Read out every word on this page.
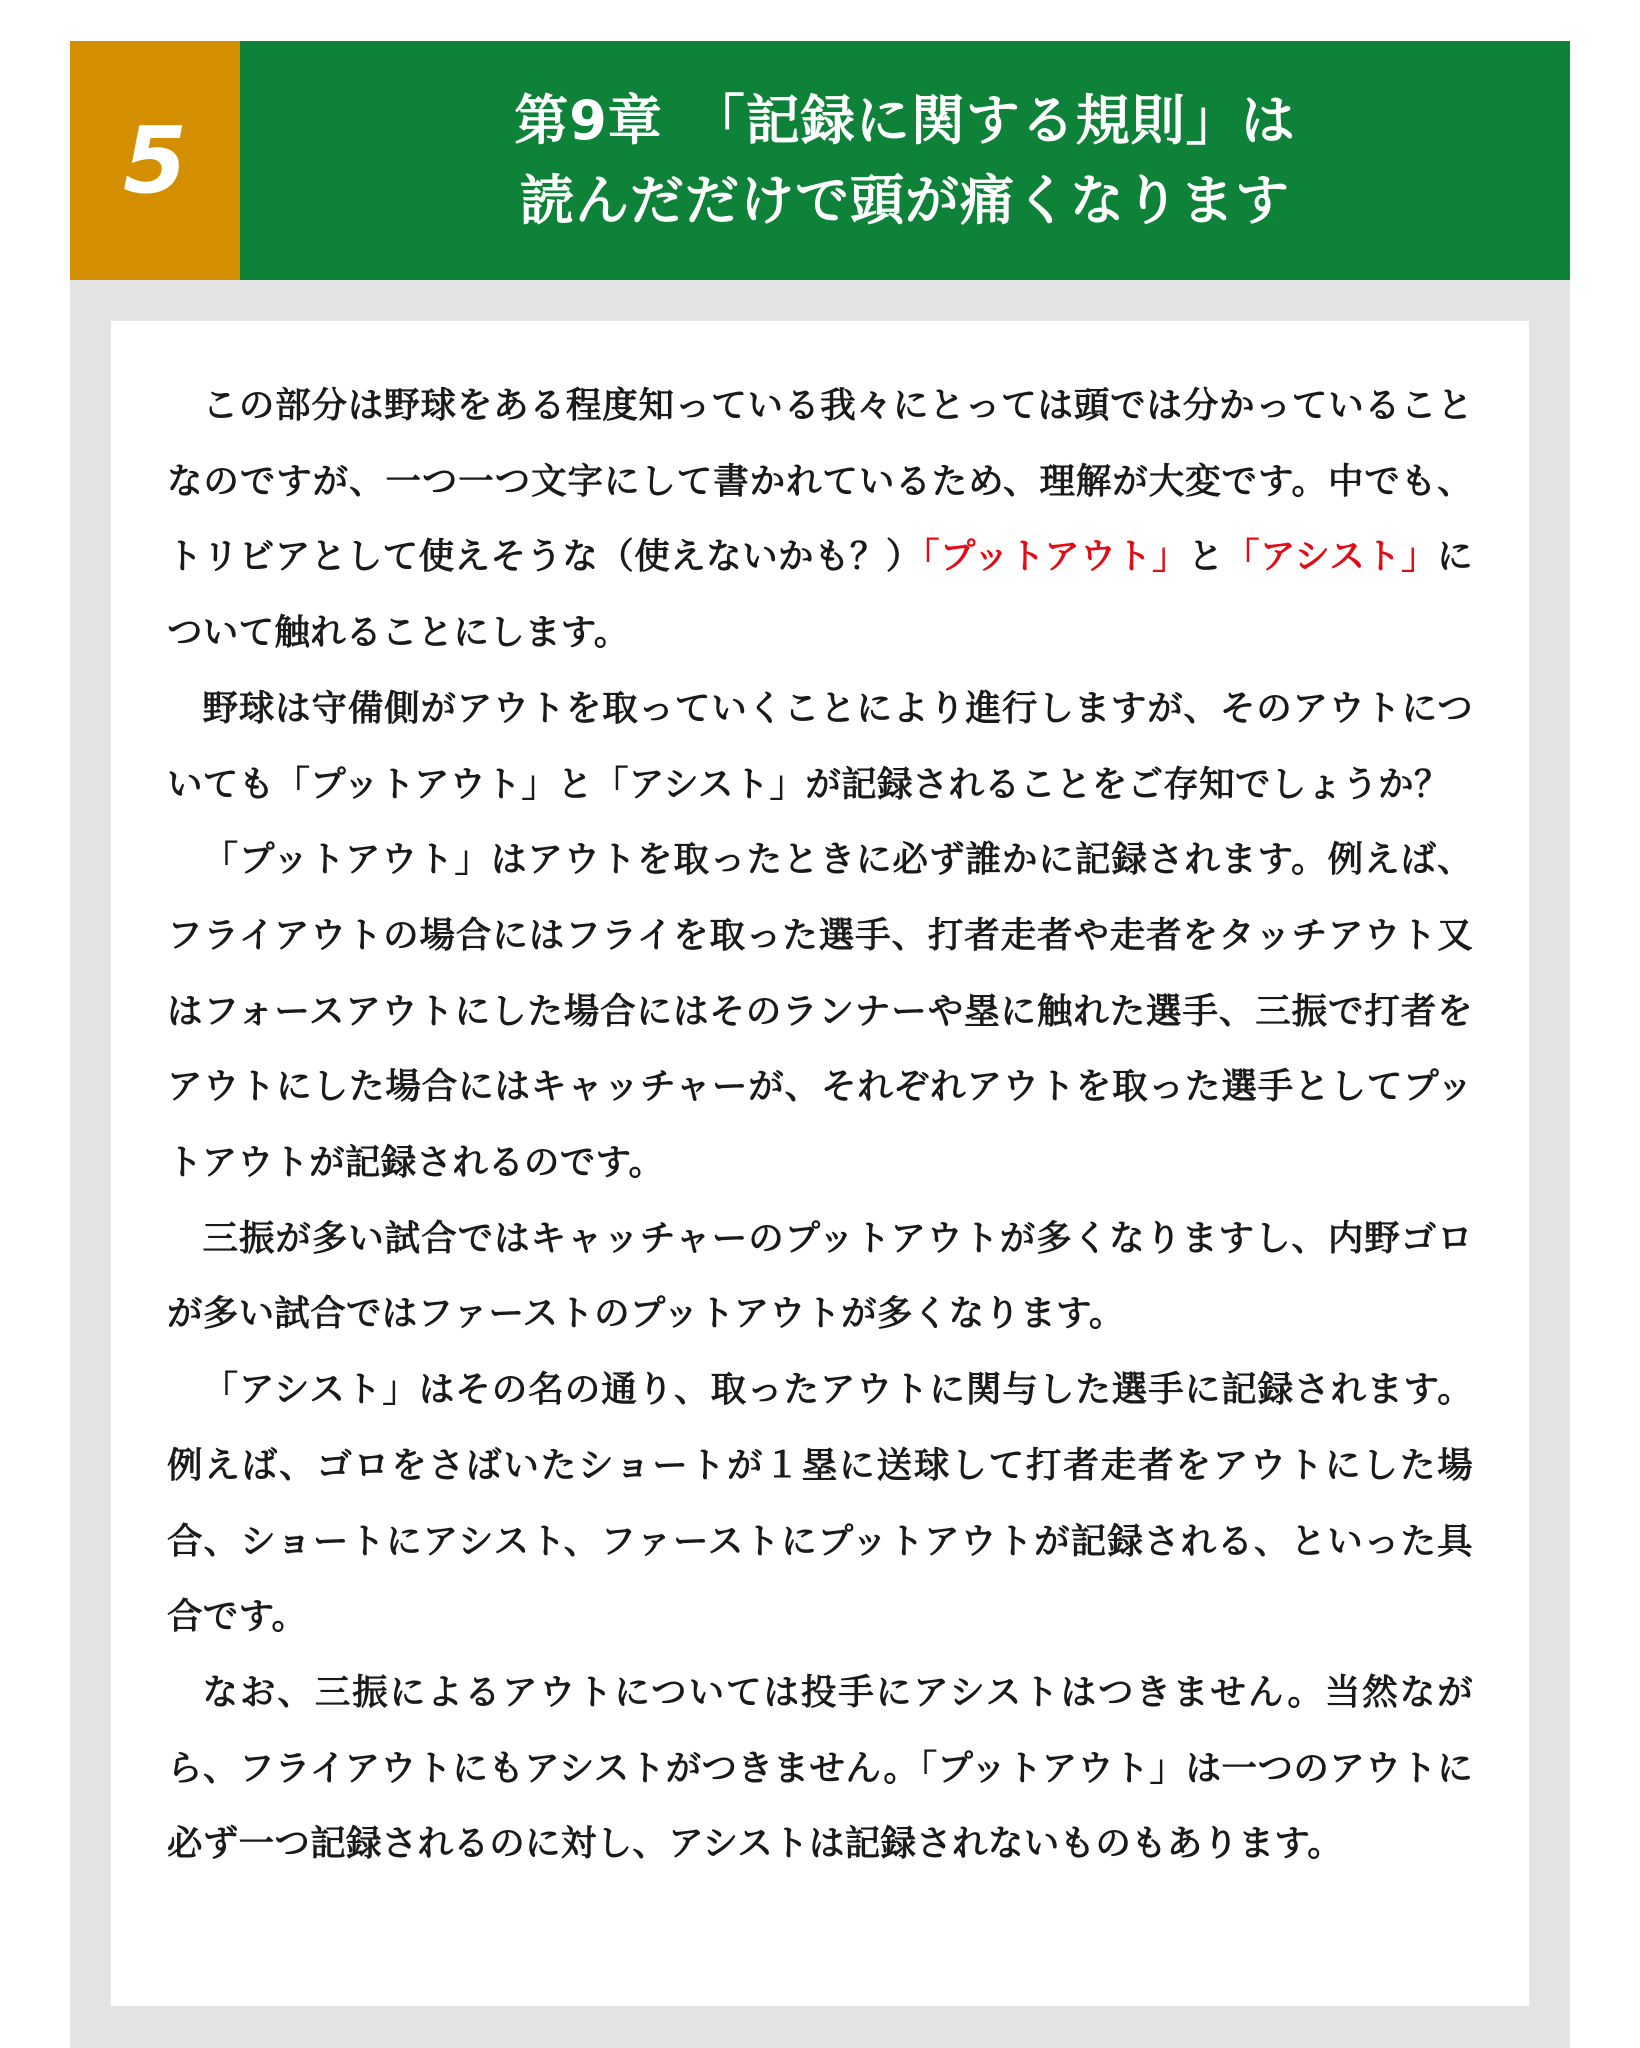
5	第9章　「記録に関する規則」は
読んだだけで頭が痛くなります

この部分は野球をある程度知っている我々にとっては頭では分かっていることなのですが、一つ一つ文字にして書かれているため、理解が大変です。中でも、トリビアとして使えそうな（使えないかも？）「プットアウト」と「アシスト」について触れることにします。

野球は守備側がアウトを取っていくことにより進行しますが、そのアウトについても「プットアウト」と「アシスト」が記録されることをご存知でしょうか？

「プットアウト」はアウトを取ったときに必ず誰かに記録されます。例えば、フライアウトの場合にはフライを取った選手、打者走者や走者をタッチアウト又はフォースアウトにした場合にはそのランナーや塁に触れた選手、三振で打者をアウトにした場合にはキャッチャーが、それぞれアウトを取った選手としてプットアウトが記録されるのです。

三振が多い試合ではキャッチャーのプットアウトが多くなりますし、内野ゴロが多い試合ではファーストのプットアウトが多くなります。

「アシスト」はその名の通り、取ったアウトに関与した選手に記録されます。例えば、ゴロをさばいたショートが１塁に送球して打者走者をアウトにした場合、ショートにアシスト、ファーストにプットアウトが記録される、といった具合です。

なお、三振によるアウトについては投手にアシストはつきません。当然ながら、フライアウトにもアシストがつきません。「プットアウト」は一つのアウトに必ず一つ記録されるのに対し、アシストは記録されないものもあります。
